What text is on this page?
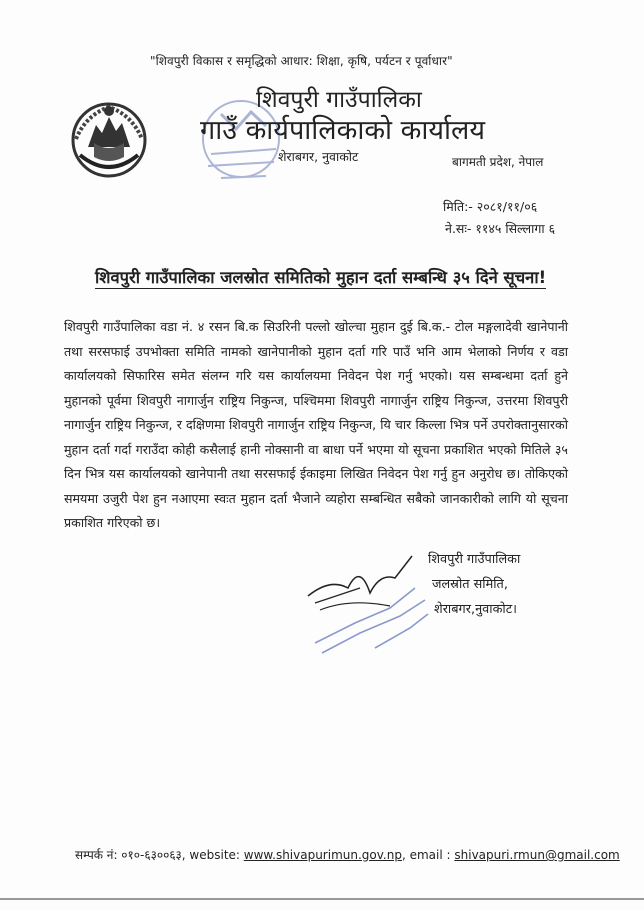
"शिवपुरी विकास र समृद्धिको आधार: शिक्षा, कृषि, पर्यटन र पूर्वाधार"
शिवपुरी गाउँपालिका
गाउँ कार्यपालिकाको कार्यालय
शेराबगर, नुवाकोट	बागमती प्रदेश, नेपाल
मिति:- २०८१/११/०६
ने.सः- ११४५ सिल्लागा ६
शिवपुरी गाउँपालिका जलस्रोत समितिको मुहान दर्ता सम्बन्धि ३५ दिने सूचना!
शिवपुरी गाउँपालिका वडा नं. ४ रसन बि.क सिउरिनी पल्लो खोल्चा मुहान दुई बि.क.- टोल मङ्गलादेवी खानेपानी तथा सरसफाई उपभोक्ता समिति नामको खानेपानीको मुहान दर्ता गरि पाउँ भनि आम भेलाको निर्णय र वडा कार्यालयको सिफारिस समेत संलग्न गरि यस कार्यालयमा निवेदन पेश गर्नु भएको। यस सम्बन्धमा दर्ता हुने मुहानको पूर्वमा शिवपुरी नागार्जुन राष्ट्रिय निकुन्ज, पश्चिममा शिवपुरी नागार्जुन राष्ट्रिय निकुन्ज, उत्तरमा शिवपुरी नागार्जुन राष्ट्रिय निकुन्ज, र दक्षिणमा शिवपुरी नागार्जुन राष्ट्रिय निकुन्ज, यि चार किल्ला भित्र पर्ने उपरोक्तानुसारको मुहान दर्ता गर्दा गराउँदा कोही कसैलाई हानी नोक्सानी वा बाधा पर्ने भएमा यो सूचना प्रकाशित भएको मितिले ३५ दिन भित्र यस कार्यालयको खानेपानी तथा सरसफाई ईकाइमा लिखित निवेदन पेश गर्नु हुन अनुरोध छ। तोकिएको समयमा उजुरी पेश हुन नआएमा स्वःत मुहान दर्ता भैजाने व्यहोरा सम्बन्धित सबैको जानकारीको लागि यो सूचना प्रकाशित गरिएको छ।
शिवपुरी गाउँपालिका
जलस्रोत समिति,
शेराबगर,नुवाकोट।
सम्पर्क नं: ०१०-६३००६३, website: www.shivapurimun.gov.np, email : shivapuri.rmun@gmail.com
